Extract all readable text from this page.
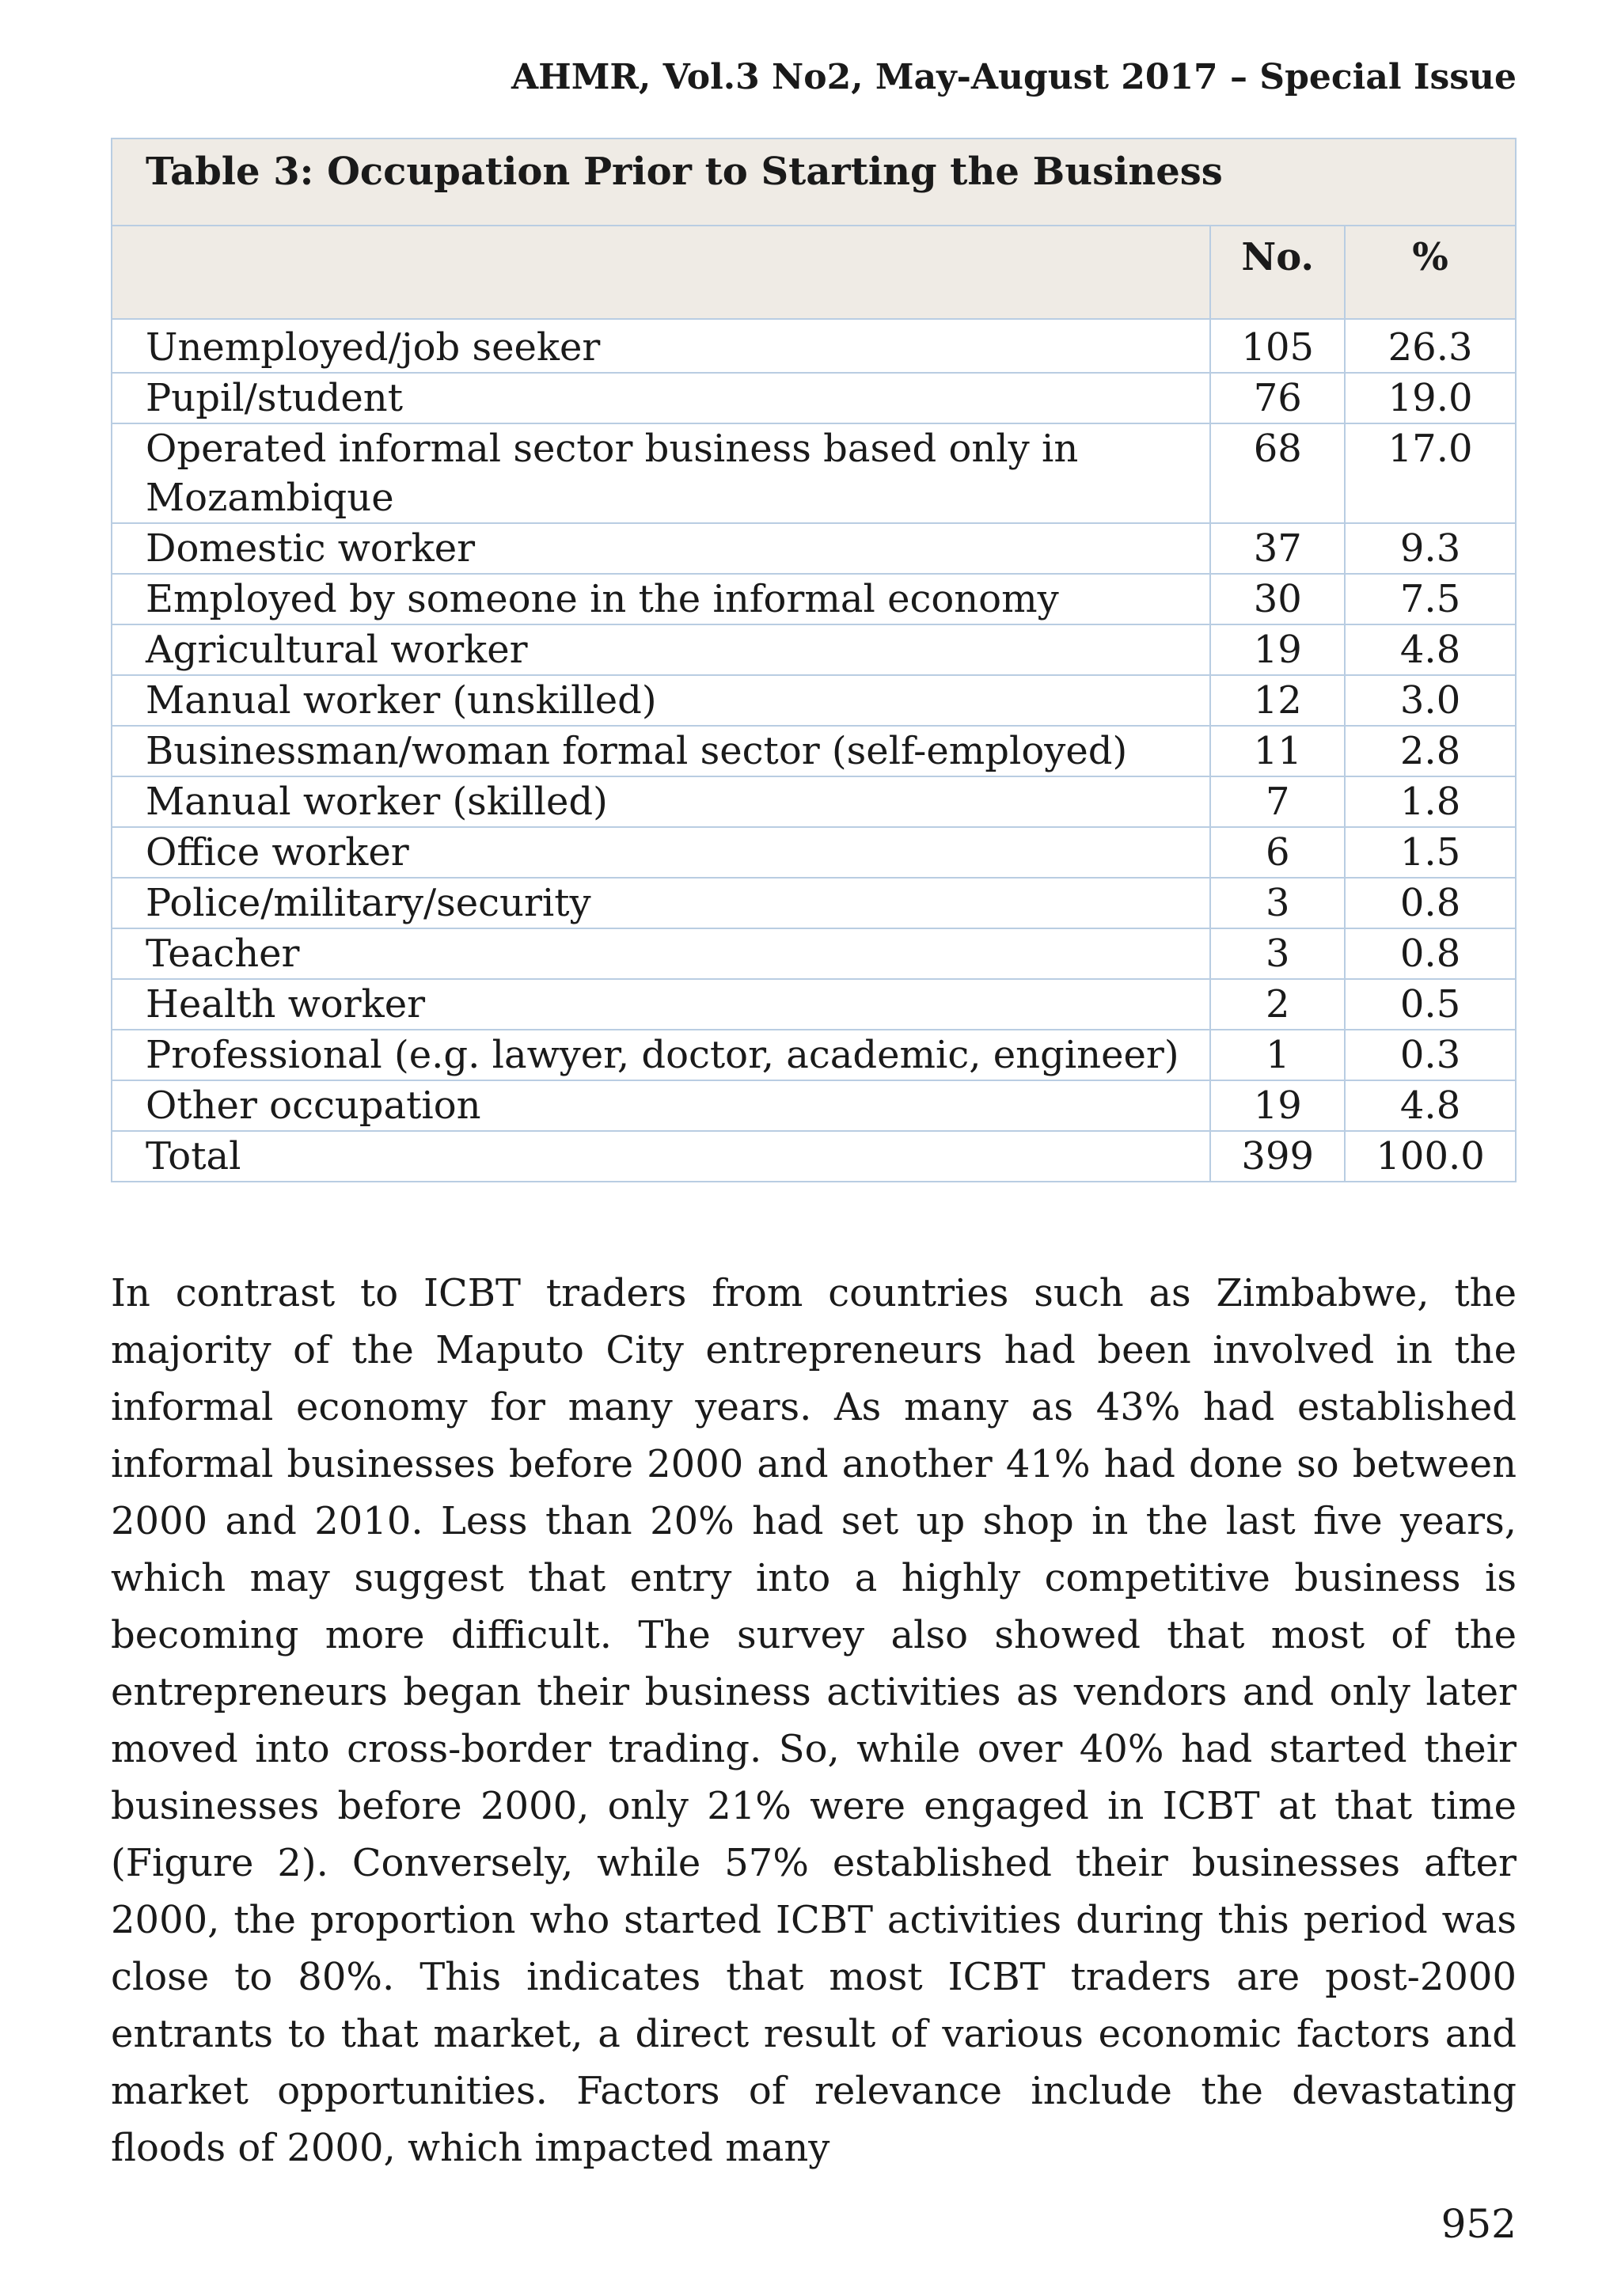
AHMR, Vol.3 No2, May-August 2017 – Special Issue
Table 3: Occupation Prior to Starting the Business		
	No.	%
Unemployed/job seeker	105	26.3
Pupil/student	76	19.0
Operated informal sector business based only in Mozambique	68	17.0
Domestic worker	37	9.3
Employed by someone in the informal economy	30	7.5
Agricultural worker	19	4.8
Manual worker (unskilled)	12	3.0
Businessman/woman formal sector (self-employed)	11	2.8
Manual worker (skilled)	7	1.8
Office worker	6	1.5
Police/military/security	3	0.8
Teacher	3	0.8
Health worker	2	0.5
Professional (e.g. lawyer, doctor, academic, engineer)	1	0.3
Other occupation	19	4.8
Total	399	100.0

In contrast to ICBT traders from countries such as Zimbabwe, the majority of the Maputo City entrepreneurs had been involved in the informal economy for many years. As many as 43% had established informal businesses before 2000 and another 41% had done so between 2000 and 2010. Less than 20% had set up shop in the last five years, which may suggest that entry into a highly competitive business is becoming more difficult. The survey also showed that most of the entrepreneurs began their business activities as vendors and only later moved into cross-border trading. So, while over 40% had started their businesses before 2000, only 21% were engaged in ICBT at that time (Figure 2). Conversely, while 57% established their businesses after 2000, the proportion who started ICBT activities during this period was close to 80%. This indicates that most ICBT traders are post-2000 entrants to that market, a direct result of various economic factors and market opportunities. Factors of relevance include the devastating floods of 2000, which impacted many

952
